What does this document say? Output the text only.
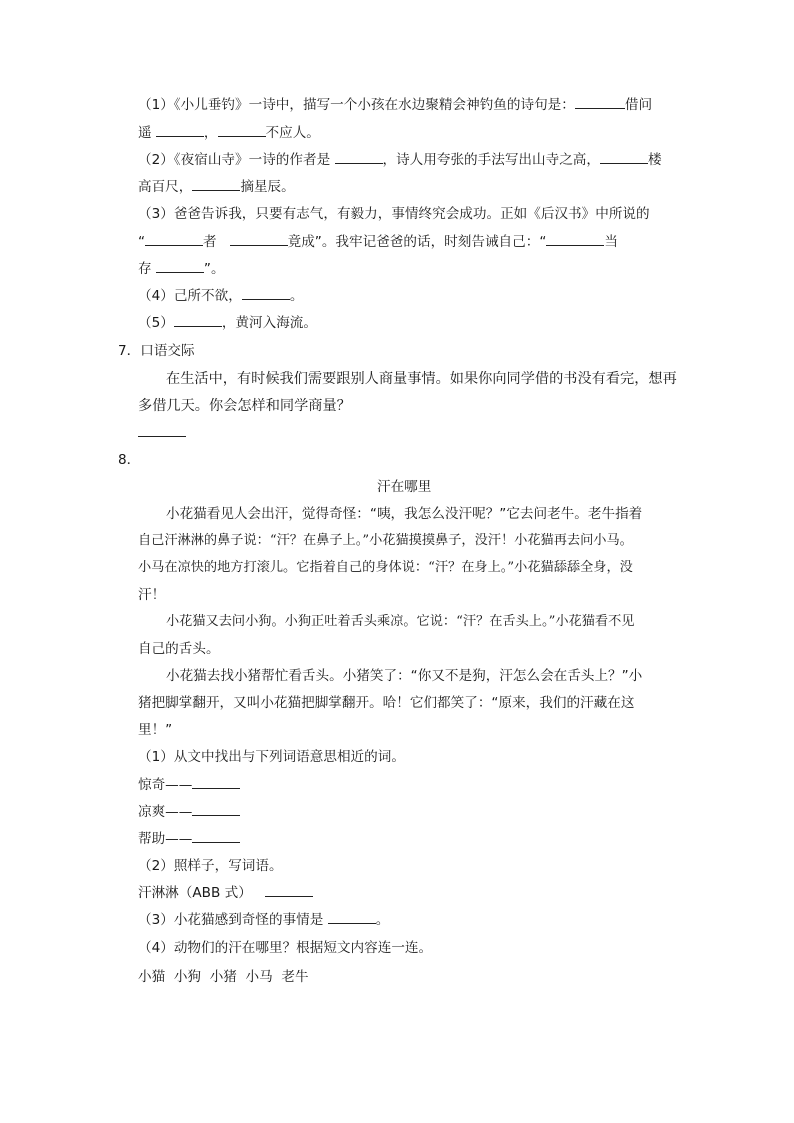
（1）《小儿垂钓》一诗中，描写一个小孩在水边聚精会神钓鱼的诗句是：	借问
遥	，	不应人。
（2）《夜宿山寺》一诗的作者是	，诗人用夸张的手法写出山寺之高，	楼
高百尺，	摘星辰。
（3）爸爸告诉我，只要有志气，有毅力，事情终究会成功。正如《后汉书》中所说的
“	者	竟成”。我牢记爸爸的话，时刻告诫自己：“	当
存	”。
（4）己所不欲，	。
（5）	，黄河入海流。
7．口语交际
在生活中，有时候我们需要跟别人商量事情。如果你向同学借的书没有看完，想再
多借几天。你会怎样和同学商量？
8．
汗在哪里
小花猫看见人会出汗，觉得奇怪：“咦，我怎么没汗呢？”它去问老牛。老牛指着
自己汗淋淋的鼻子说：“汗？在鼻子上。”小花猫摸摸鼻子，没汗！小花猫再去问小马。
小马在凉快的地方打滚儿。它指着自己的身体说：“汗？在身上。”小花猫舔舔全身，没
汗！
小花猫又去问小狗。小狗正吐着舌头乘凉。它说：“汗？在舌头上。”小花猫看不见
自己的舌头。
小花猫去找小猪帮忙看舌头。小猪笑了：“你又不是狗，汗怎么会在舌头上？”小
猪把脚掌翻开，又叫小花猫把脚掌翻开。哈！它们都笑了：“原来，我们的汗藏在这
里！”
（1）从文中找出与下列词语意思相近的词。
惊奇——
凉爽——
帮助——
（2）照样子，写词语。
汗淋淋（ABB 式）
（3）小花猫感到奇怪的事情是	。
（4）动物们的汗在哪里？根据短文内容连一连。
小猫 小狗 小猪 小马 老牛
